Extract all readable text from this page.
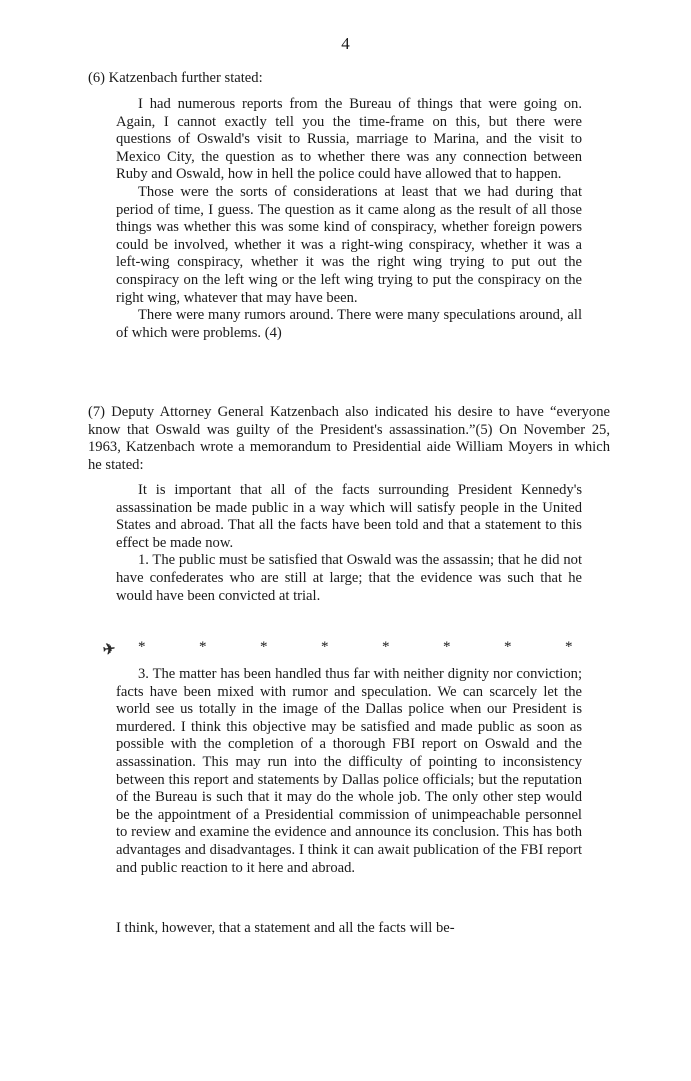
4

(6) Katzenbach further stated:

I had numerous reports from the Bureau of things that were going on. Again, I cannot exactly tell you the time-frame on this, but there were questions of Oswald's visit to Russia, marriage to Marina, and the visit to Mexico City, the question as to whether there was any connection between Ruby and Oswald, how in hell the police could have allowed that to happen.

Those were the sorts of considerations at least that we had during that period of time, I guess. The question as it came along as the result of all those things was whether this was some kind of conspiracy, whether foreign powers could be involved, whether it was a right-wing conspiracy, whether it was a left-wing conspiracy, whether it was the right wing trying to put out the conspiracy on the left wing or the left wing trying to put the conspiracy on the right wing, whatever that may have been.

There were many rumors around. There were many speculations around, all of which were problems. (4)

(7) Deputy Attorney General Katzenbach also indicated his desire to have “everyone know that Oswald was guilty of the President's assassination.”(5) On November 25, 1963, Katzenbach wrote a memorandum to Presidential aide William Moyers in which he stated:

It is important that all of the facts surrounding President Kennedy's assassination be made public in a way which will satisfy people in the United States and abroad. That all the facts have been told and that a statement to this effect be made now.

1. The public must be satisfied that Oswald was the assassin; that he did not have confederates who are still at large; that the evidence was such that he would have been convicted at trial.

✈ *	*	*	*	*	*	*	*

3. The matter has been handled thus far with neither dignity nor conviction; facts have been mixed with rumor and speculation. We can scarcely let the world see us totally in the image of the Dallas police when our President is murdered. I think this objective may be satisfied and made public as soon as possible with the completion of a thorough FBI report on Oswald and the assassination. This may run into the difficulty of pointing to inconsistency between this report and statements by Dallas police officials; but the reputation of the Bureau is such that it may do the whole job. The only other step would be the appointment of a Presidential commission of unimpeachable personnel to review and examine the evidence and announce its conclusion. This has both advantages and disadvantages. I think it can await publication of the FBI report and public reaction to it here and abroad.

I think, however, that a statement and all the facts will be-
